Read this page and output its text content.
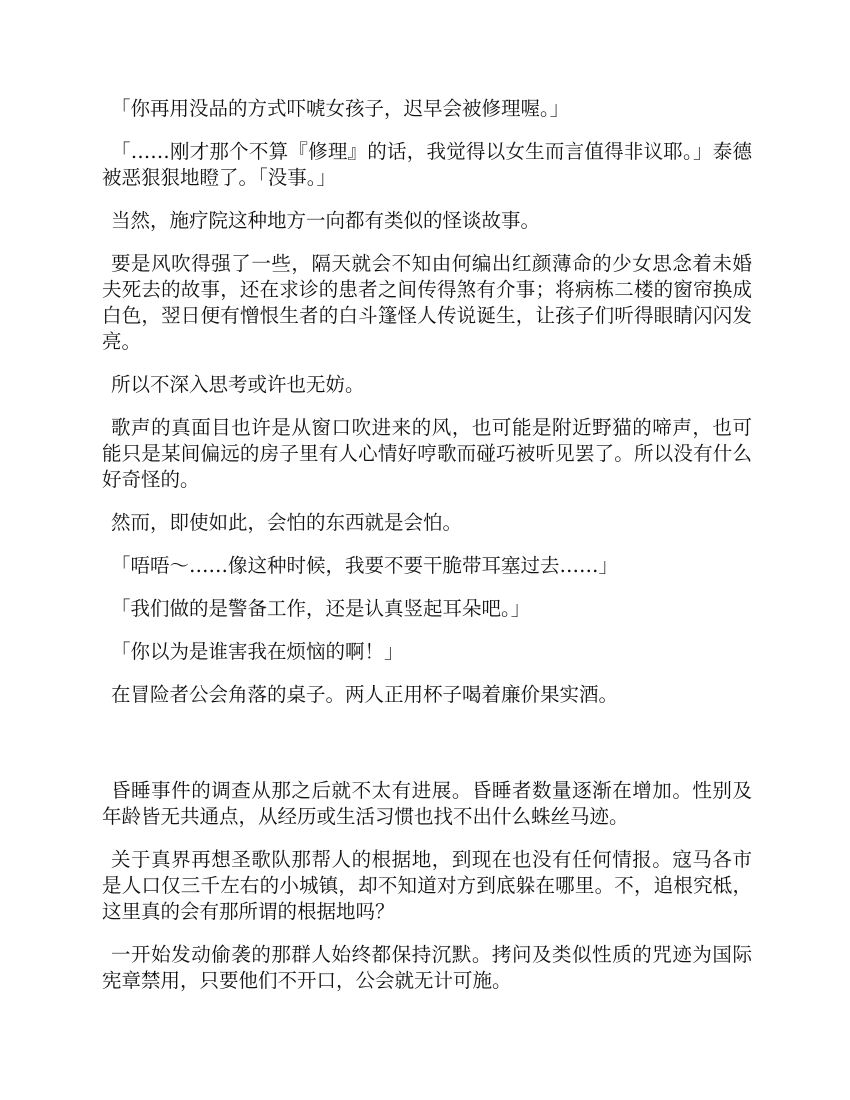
「你再用没品的方式吓唬女孩子，迟早会被修理喔。」

「……刚才那个不算『修理』的话，我觉得以女生而言值得非议耶。」泰德被恶狠狠地瞪了。「没事。」

当然，施疗院这种地方一向都有类似的怪谈故事。

要是风吹得强了一些，隔天就会不知由何编出红颜薄命的少女思念着未婚夫死去的故事，还在求诊的患者之间传得煞有介事；将病栋二楼的窗帘换成白色，翌日便有憎恨生者的白斗篷怪人传说诞生，让孩子们听得眼睛闪闪发亮。

所以不深入思考或许也无妨。

歌声的真面目也许是从窗口吹进来的风，也可能是附近野猫的啼声，也可能只是某间偏远的房子里有人心情好哼歌而碰巧被听见罢了。所以没有什么好奇怪的。

然而，即使如此，会怕的东西就是会怕。

「唔唔～……像这种时候，我要不要干脆带耳塞过去……」

「我们做的是警备工作，还是认真竖起耳朵吧。」

「你以为是谁害我在烦恼的啊！」

在冒险者公会角落的桌子。两人正用杯子喝着廉价果实酒。

昏睡事件的调查从那之后就不太有进展。昏睡者数量逐渐在增加。性别及年龄皆无共通点，从经历或生活习惯也找不出什么蛛丝马迹。

关于真界再想圣歌队那帮人的根据地，到现在也没有任何情报。寇马各市是人口仅三千左右的小城镇，却不知道对方到底躲在哪里。不，追根究柢，这里真的会有那所谓的根据地吗？

一开始发动偷袭的那群人始终都保持沉默。拷问及类似性质的咒迹为国际宪章禁用，只要他们不开口，公会就无计可施。
